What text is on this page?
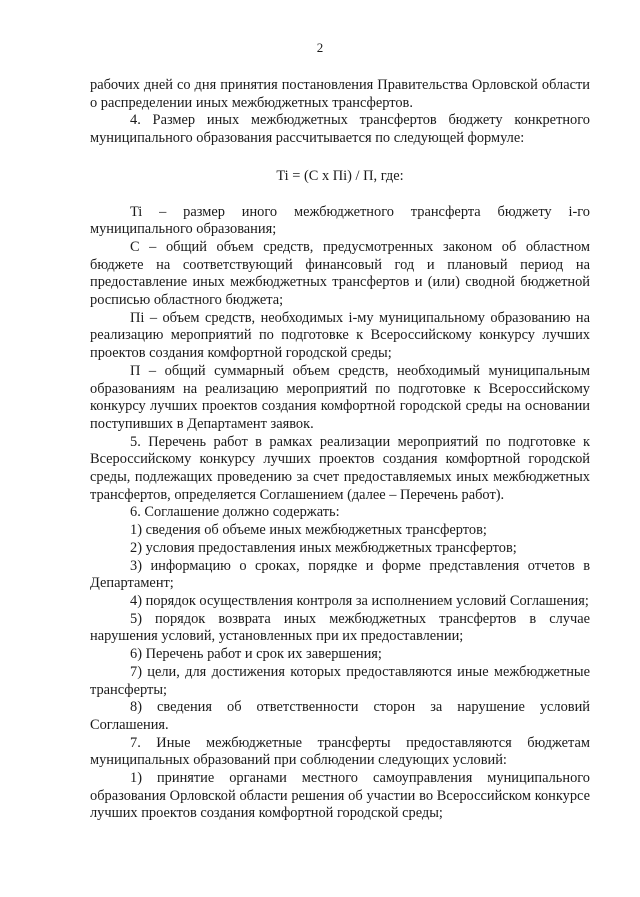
2

рабочих дней со дня принятия постановления Правительства Орловской области о распределении иных межбюджетных трансфертов.

4. Размер иных межбюджетных трансфертов бюджету конкретного муниципального образования рассчитывается по следующей формуле:

Ti = (C x Пi) / П, где:

Ti – размер иного межбюджетного трансферта бюджету i-го муниципального образования;

С – общий объем средств, предусмотренных законом об областном бюджете на соответствующий финансовый год и плановый период на предоставление иных межбюджетных трансфертов и (или) сводной бюджетной росписью областного бюджета;

Пi – объем средств, необходимых i-му муниципальному образованию на реализацию мероприятий по подготовке к Всероссийскому конкурсу лучших проектов создания комфортной городской среды;

П – общий суммарный объем средств, необходимый муниципальным образованиям на реализацию мероприятий по подготовке к Всероссийскому конкурсу лучших проектов создания комфортной городской среды на основании поступивших в Департамент заявок.

5. Перечень работ в рамках реализации мероприятий по подготовке к Всероссийскому конкурсу лучших проектов создания комфортной городской среды, подлежащих проведению за счет предоставляемых иных межбюджетных трансфертов, определяется Соглашением (далее – Перечень работ).

6. Соглашение должно содержать:

1) сведения об объеме иных межбюджетных трансфертов;

2) условия предоставления иных межбюджетных трансфертов;

3) информацию о сроках, порядке и форме представления отчетов в Департамент;

4) порядок осуществления контроля за исполнением условий Соглашения;

5) порядок возврата иных межбюджетных трансфертов в случае нарушения условий, установленных при их предоставлении;

6) Перечень работ и срок их завершения;

7) цели, для достижения которых предоставляются иные межбюджетные трансферты;

8) сведения об ответственности сторон за нарушение условий Соглашения.

7. Иные межбюджетные трансферты предоставляются бюджетам муниципальных образований при соблюдении следующих условий:

1) принятие органами местного самоуправления муниципального образования Орловской области решения об участии во Всероссийском конкурсе лучших проектов создания комфортной городской среды;
